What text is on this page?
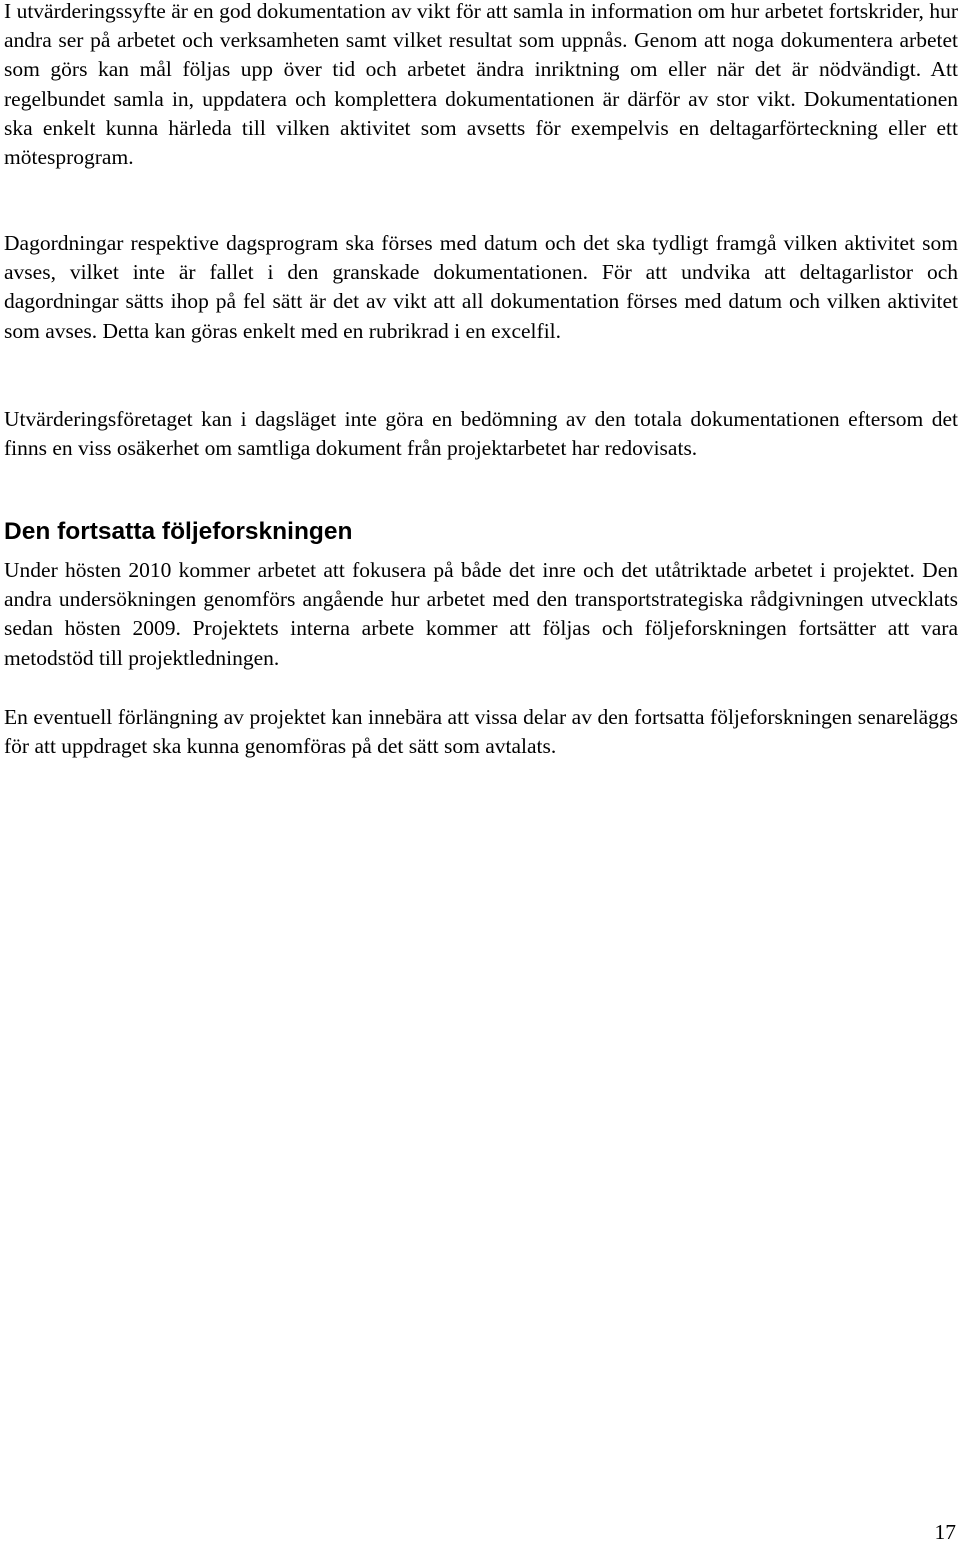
I utvärderingssyfte är en god dokumentation av vikt för att samla in information om hur arbetet fortskrider, hur andra ser på arbetet och verksamheten samt vilket resultat som uppnås. Genom att noga dokumentera arbetet som görs kan mål följas upp över tid och arbetet ändra inriktning om eller när det är nödvändigt. Att regelbundet samla in, uppdatera och komplettera dokumentationen är därför av stor vikt. Dokumentationen ska enkelt kunna härleda till vilken aktivitet som avsetts för exempelvis en deltagarförteckning eller ett mötesprogram.

Dagordningar respektive dagsprogram ska förses med datum och det ska tydligt framgå vilken aktivitet som avses, vilket inte är fallet i den granskade dokumentationen. För att undvika att deltagarlistor och dagordningar sätts ihop på fel sätt är det av vikt att all dokumentation förses med datum och vilken aktivitet som avses. Detta kan göras enkelt med en rubrikrad i en excelfil.

Utvärderingsföretaget kan i dagsläget inte göra en bedömning av den totala dokumentationen eftersom det finns en viss osäkerhet om samtliga dokument från projektarbetet har redovisats.

Den fortsatta följeforskningen

Under hösten 2010 kommer arbetet att fokusera på både det inre och det utåtriktade arbetet i projektet. Den andra undersökningen genomförs angående hur arbetet med den transportstrategiska rådgivningen utvecklats sedan hösten 2009. Projektets interna arbete kommer att följas och följeforskningen fortsätter att vara metodstöd till projektledningen.

En eventuell förlängning av projektet kan innebära att vissa delar av den fortsatta följeforskningen senareläggs för att uppdraget ska kunna genomföras på det sätt som avtalats.

17
